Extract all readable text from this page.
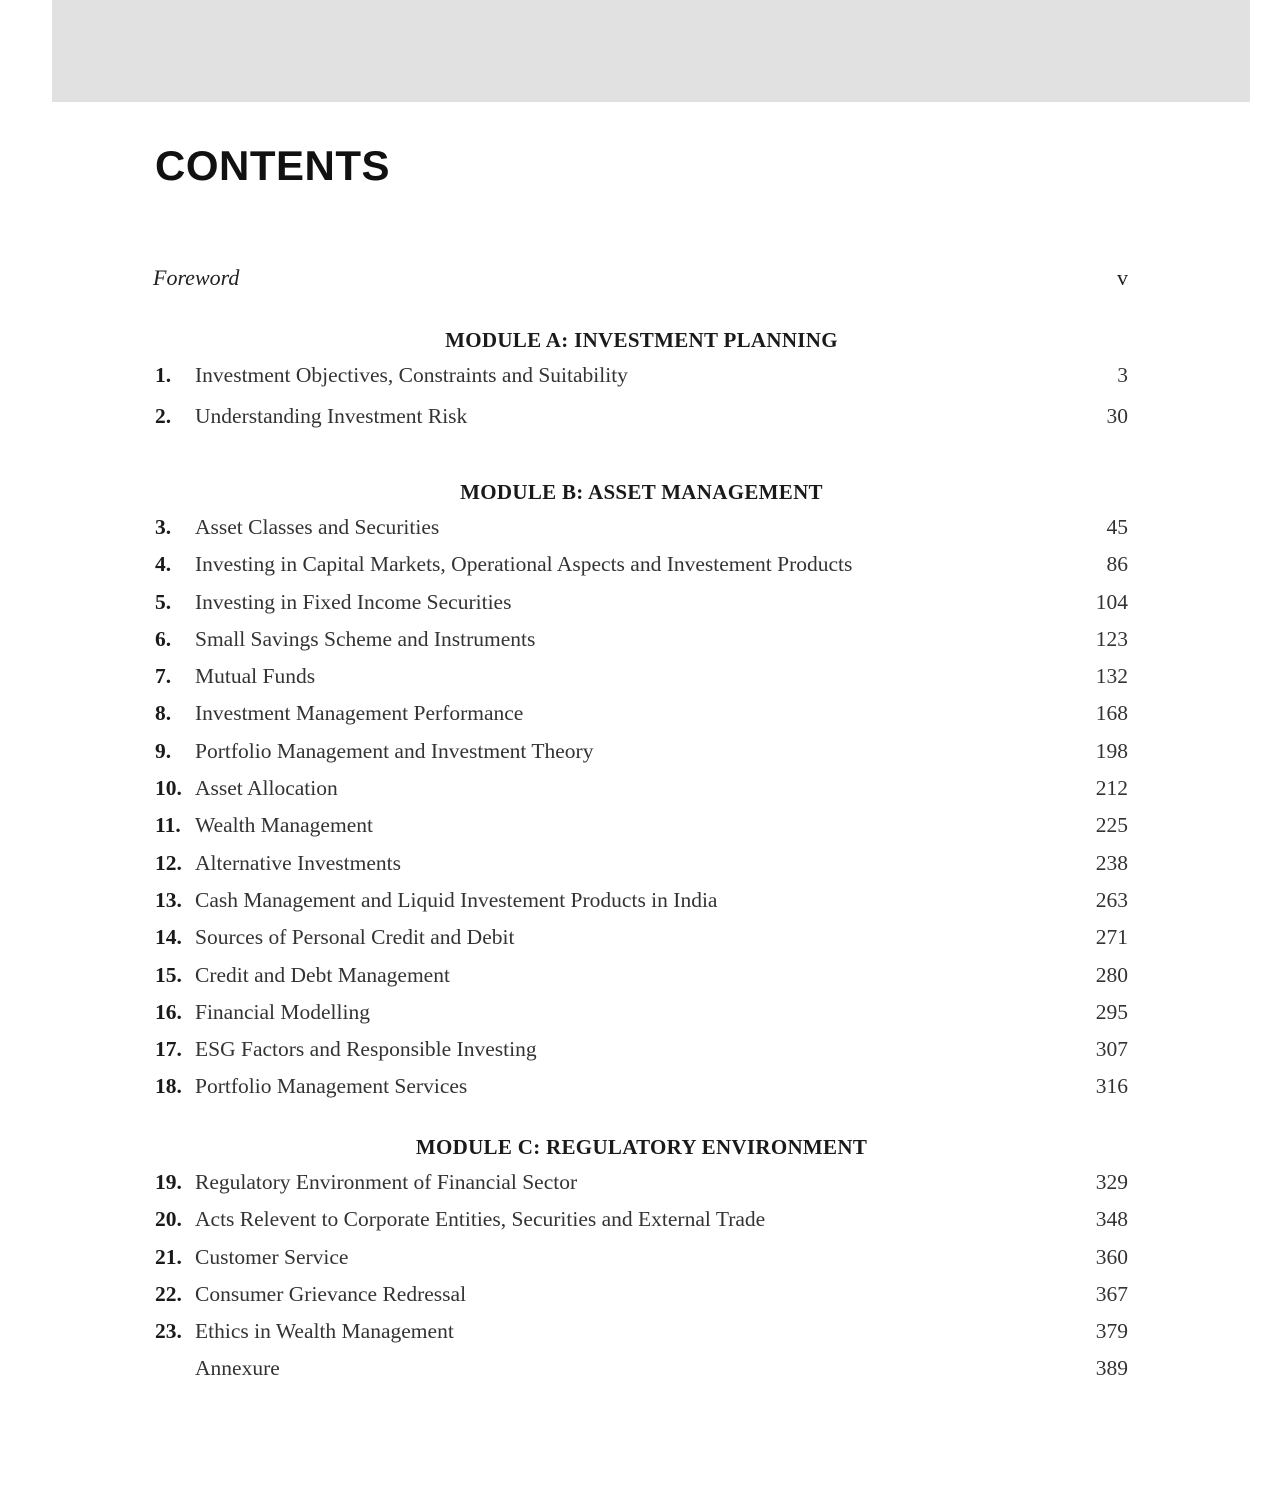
CONTENTS
Foreword	v
MODULE A: INVESTMENT PLANNING
1.	Investment Objectives, Constraints and Suitability	3
2.	Understanding Investment Risk	30
MODULE B: ASSET MANAGEMENT
3.	Asset Classes and Securities	45
4.	Investing in Capital Markets, Operational Aspects and Investement Products	86
5.	Investing in Fixed Income Securities	104
6.	Small Savings Scheme and Instruments	123
7.	Mutual Funds	132
8.	Investment Management Performance	168
9.	Portfolio Management and Investment Theory	198
10. Asset Allocation	212
11. Wealth Management	225
12. Alternative Investments	238
13. Cash Management and Liquid Investement Products in India	263
14. Sources of Personal Credit and Debit	271
15. Credit and Debt Management	280
16. Financial Modelling	295
17. ESG Factors and Responsible Investing	307
18. Portfolio Management Services	316
MODULE C: REGULATORY ENVIRONMENT
19. Regulatory Environment of Financial Sector	329
20. Acts Relevent to Corporate Entities, Securities and External Trade	348
21. Customer Service	360
22. Consumer Grievance Redressal	367
23. Ethics in Wealth Management	379
Annexure	389
